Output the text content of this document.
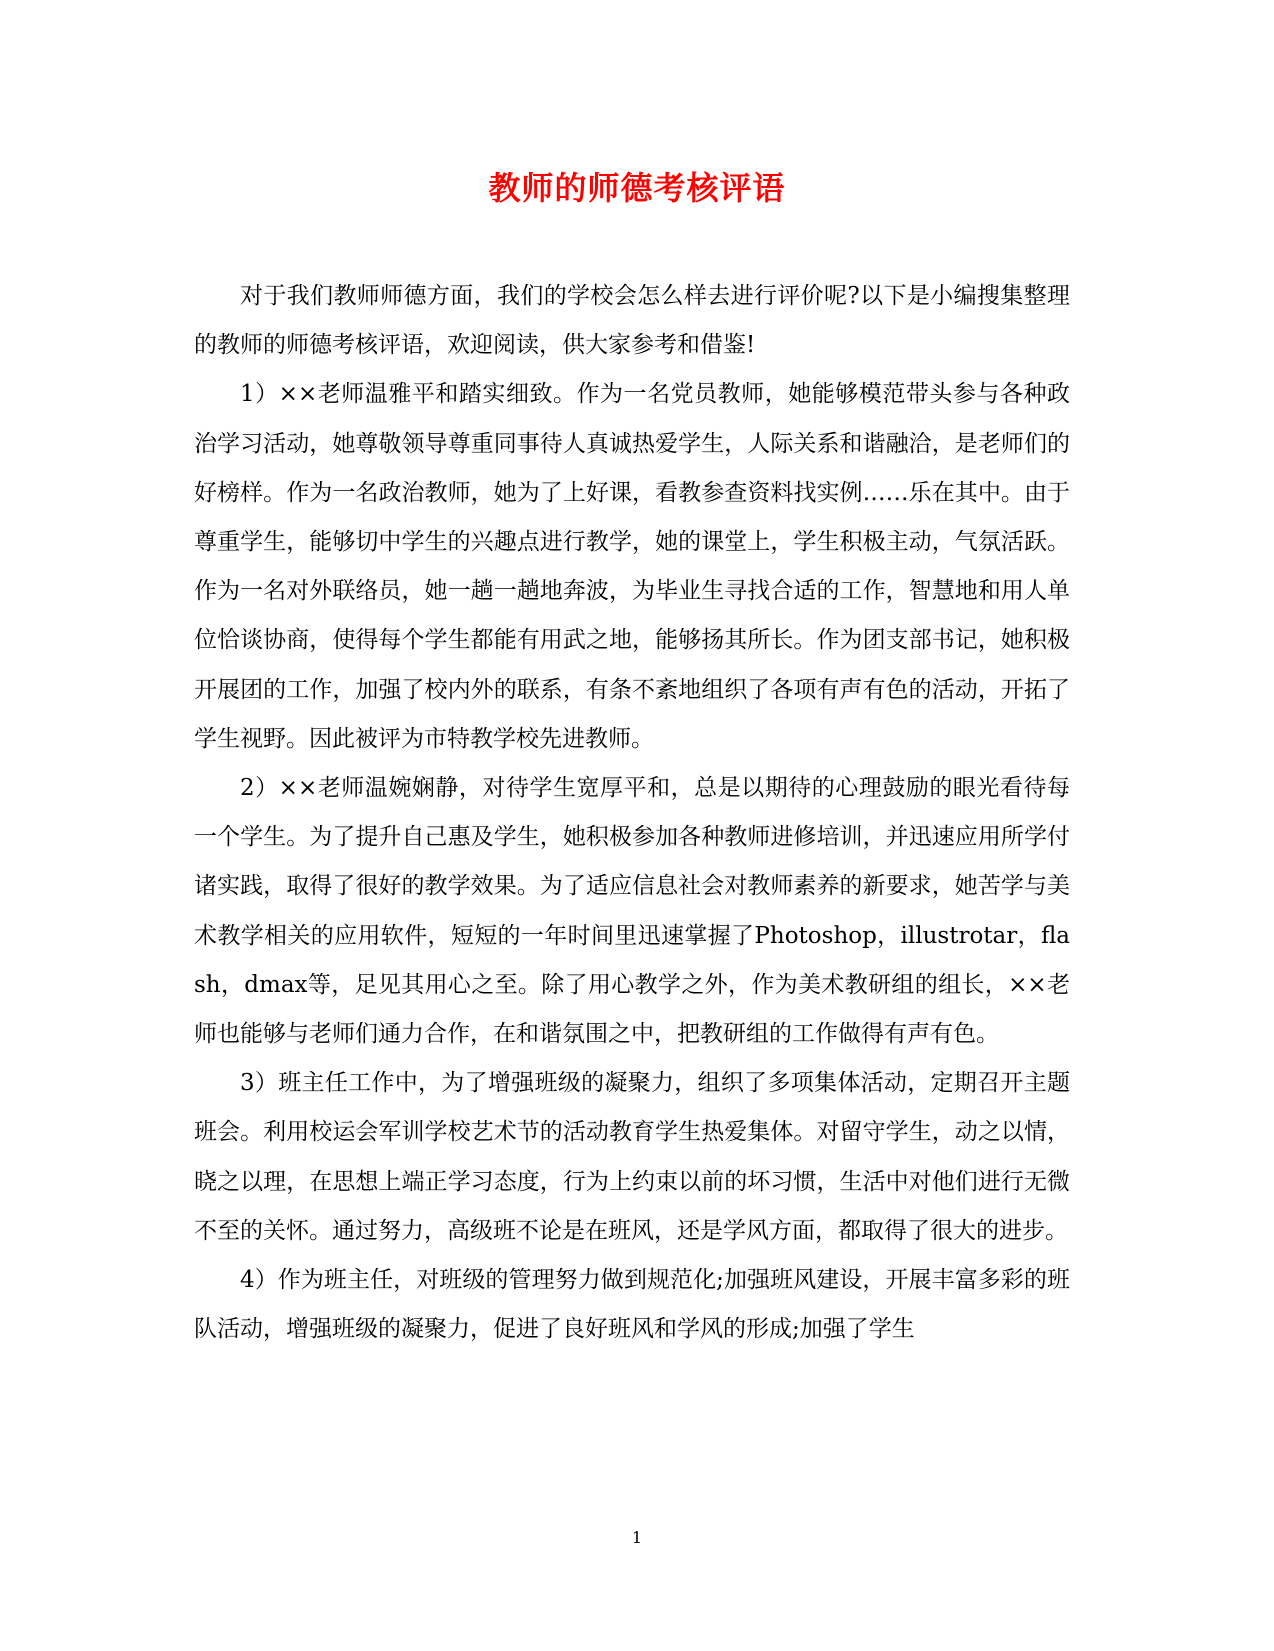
教师的师德考核评语

对于我们教师师德方面，我们的学校会怎么样去进行评价呢?以下是小编搜集整理的教师的师德考核评语，欢迎阅读，供大家参考和借鉴!

1）××老师温雅平和踏实细致。作为一名党员教师，她能够模范带头参与各种政治学习活动，她尊敬领导尊重同事待人真诚热爱学生，人际关系和谐融洽，是老师们的好榜样。作为一名政治教师，她为了上好课，看教参查资料找实例……乐在其中。由于尊重学生，能够切中学生的兴趣点进行教学，她的课堂上，学生积极主动，气氛活跃。作为一名对外联络员，她一趟一趟地奔波，为毕业生寻找合适的工作，智慧地和用人单位恰谈协商，使得每个学生都能有用武之地，能够扬其所长。作为团支部书记，她积极开展团的工作，加强了校内外的联系，有条不紊地组织了各项有声有色的活动，开拓了学生视野。因此被评为市特教学校先进教师。

2）××老师温婉娴静，对待学生宽厚平和，总是以期待的心理鼓励的眼光看待每一个学生。为了提升自己惠及学生，她积极参加各种教师进修培训，并迅速应用所学付诸实践，取得了很好的教学效果。为了适应信息社会对教师素养的新要求，她苦学与美术教学相关的应用软件，短短的一年时间里迅速掌握了Photoshop，illustrotar，flash，dmax等，足见其用心之至。除了用心教学之外，作为美术教研组的组长，××老师也能够与老师们通力合作，在和谐氛围之中，把教研组的工作做得有声有色。

3）班主任工作中，为了增强班级的凝聚力，组织了多项集体活动，定期召开主题班会。利用校运会军训学校艺术节的活动教育学生热爱集体。对留守学生，动之以情，晓之以理，在思想上端正学习态度，行为上约束以前的坏习惯，生活中对他们进行无微不至的关怀。通过努力，高级班不论是在班风，还是学风方面，都取得了很大的进步。

4）作为班主任，对班级的管理努力做到规范化;加强班风建设，开展丰富多彩的班队活动，增强班级的凝聚力，促进了良好班风和学风的形成;加强了学生

1
